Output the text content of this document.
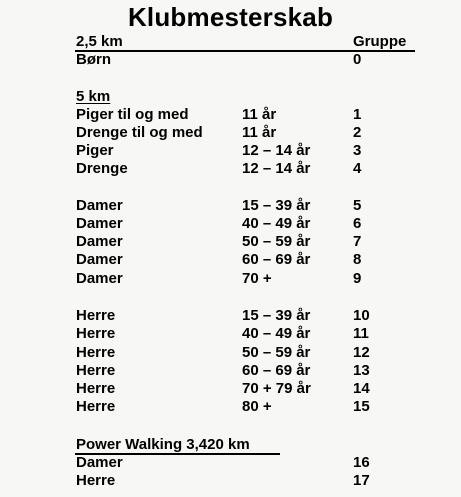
Klubmesterskab
2,5 km	Gruppe
Børn	0
5 km
Piger til og med	11 år	1
Drenge til og med	11 år	2
Piger	12 – 14 år	3
Drenge	12 – 14 år	4
Damer	15 – 39 år	5
Damer	40 – 49 år	6
Damer	50 – 59 år	7
Damer	60 – 69 år	8
Damer	70 +	9
Herre	15 – 39 år	10
Herre	40 – 49 år	11
Herre	50 – 59 år	12
Herre	60 – 69 år	13
Herre	70 + 79 år	14
Herre	80 +	15
Power Walking 3,420 km
Damer	16
Herre	17
